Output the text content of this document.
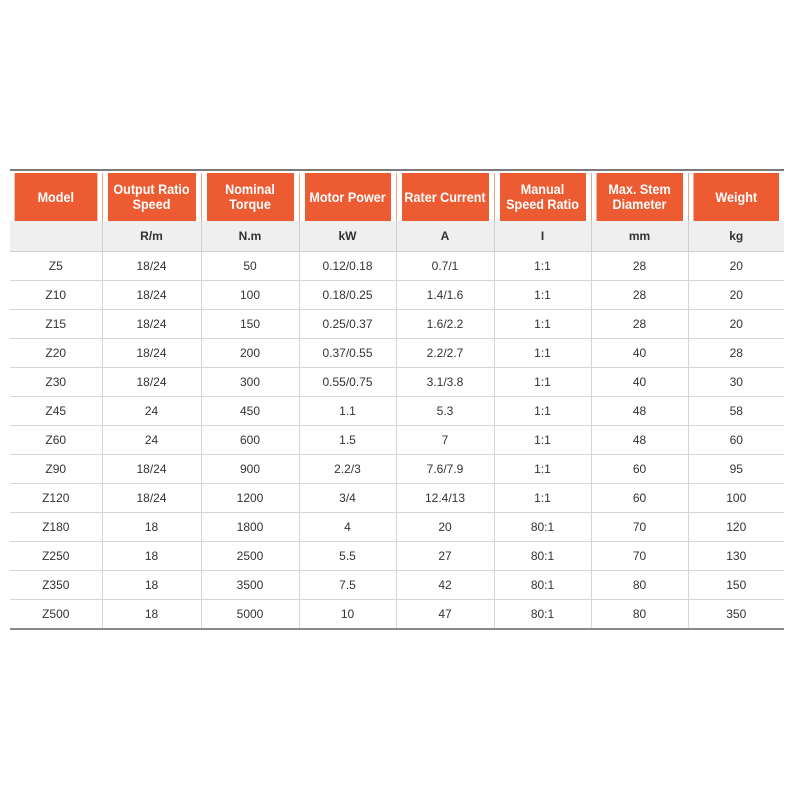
Model	Output Ratio Speed	Nominal Torque	Motor Power	Rater Current	Manual Speed Ratio	Max. Stem Diameter	Weight
	R/m	N.m	kW	A	I	mm	kg
Z5	18/24	50	0.12/0.18	0.7/1	1:1	28	20
Z10	18/24	100	0.18/0.25	1.4/1.6	1:1	28	20
Z15	18/24	150	0.25/0.37	1.6/2.2	1:1	28	20
Z20	18/24	200	0.37/0.55	2.2/2.7	1:1	40	28
Z30	18/24	300	0.55/0.75	3.1/3.8	1:1	40	30
Z45	24	450	1.1	5.3	1:1	48	58
Z60	24	600	1.5	7	1:1	48	60
Z90	18/24	900	2.2/3	7.6/7.9	1:1	60	95
Z120	18/24	1200	3/4	12.4/13	1:1	60	100
Z180	18	1800	4	20	80:1	70	120
Z250	18	2500	5.5	27	80:1	70	130
Z350	18	3500	7.5	42	80:1	80	150
Z500	18	5000	10	47	80:1	80	350
